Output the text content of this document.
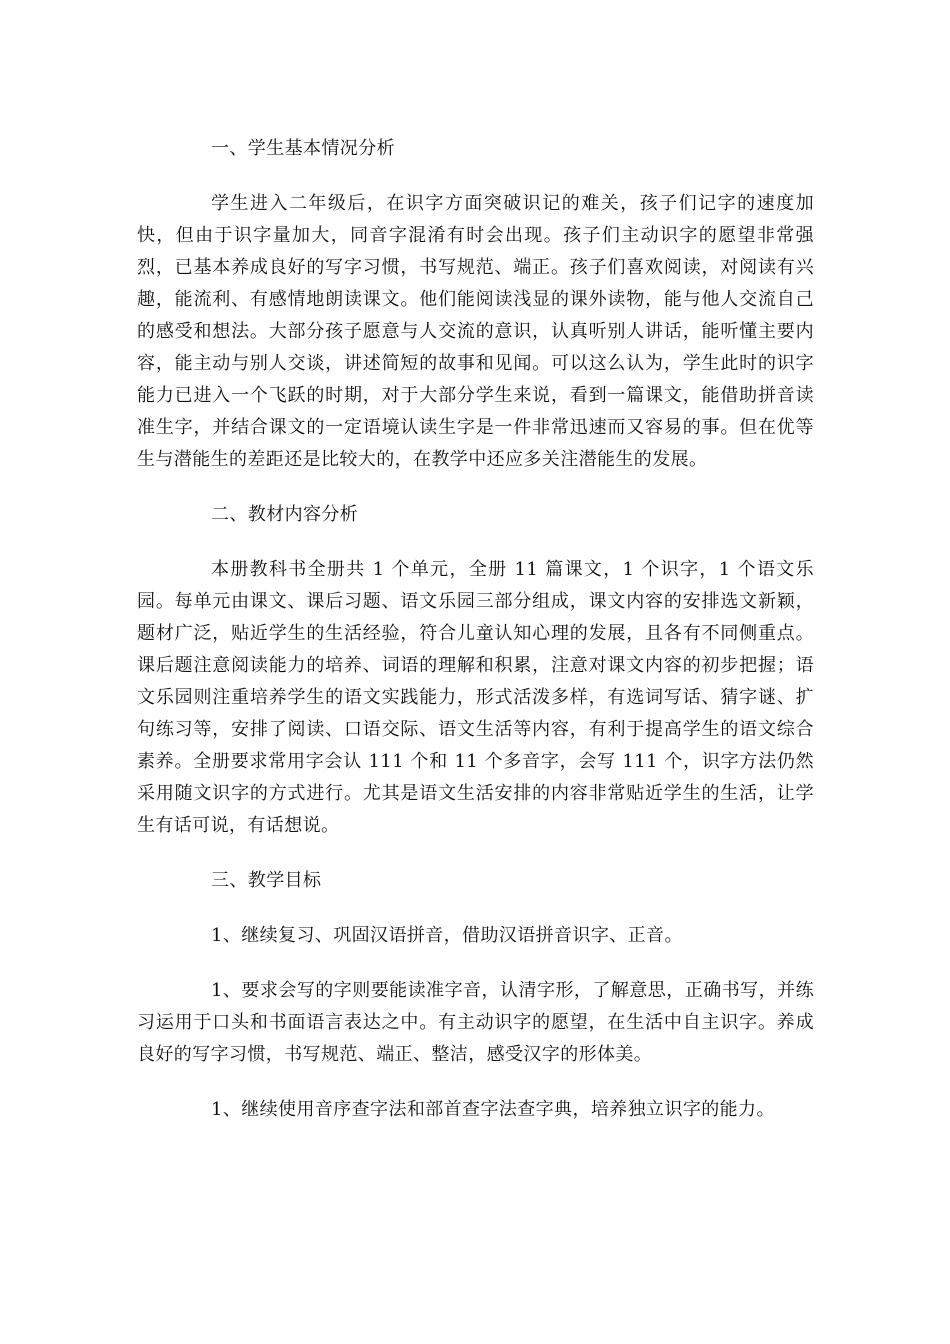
一、学生基本情况分析

学生进入二年级后，在识字方面突破识记的难关，孩子们记字的速度加快，但由于识字量加大，同音字混淆有时会出现。孩子们主动识字的愿望非常强烈，已基本养成良好的写字习惯，书写规范、端正。孩子们喜欢阅读，对阅读有兴趣，能流利、有感情地朗读课文。他们能阅读浅显的课外读物，能与他人交流自己的感受和想法。大部分孩子愿意与人交流的意识，认真听别人讲话，能听懂主要内容，能主动与别人交谈，讲述简短的故事和见闻。可以这么认为，学生此时的识字能力已进入一个飞跃的时期，对于大部分学生来说，看到一篇课文，能借助拼音读准生字，并结合课文的一定语境认读生字是一件非常迅速而又容易的事。但在优等生与潜能生的差距还是比较大的，在教学中还应多关注潜能生的发展。

二、教材内容分析

本册教科书全册共 1 个单元，全册 11 篇课文，1 个识字，1 个语文乐园。每单元由课文、课后习题、语文乐园三部分组成，课文内容的安排选文新颖，题材广泛，贴近学生的生活经验，符合儿童认知心理的发展，且各有不同侧重点。课后题注意阅读能力的培养、词语的理解和积累，注意对课文内容的初步把握；语文乐园则注重培养学生的语文实践能力，形式活泼多样，有选词写话、猜字谜、扩句练习等，安排了阅读、口语交际、语文生活等内容，有利于提高学生的语文综合素养。全册要求常用字会认 111 个和 11 个多音字，会写 111 个，识字方法仍然采用随文识字的方式进行。尤其是语文生活安排的内容非常贴近学生的生活，让学生有话可说，有话想说。

三、教学目标

1、继续复习、巩固汉语拼音，借助汉语拼音识字、正音。

1、要求会写的字则要能读准字音，认清字形，了解意思，正确书写，并练习运用于口头和书面语言表达之中。有主动识字的愿望，在生活中自主识字。养成良好的写字习惯，书写规范、端正、整洁，感受汉字的形体美。

1、继续使用音序查字法和部首查字法查字典，培养独立识字的能力。
